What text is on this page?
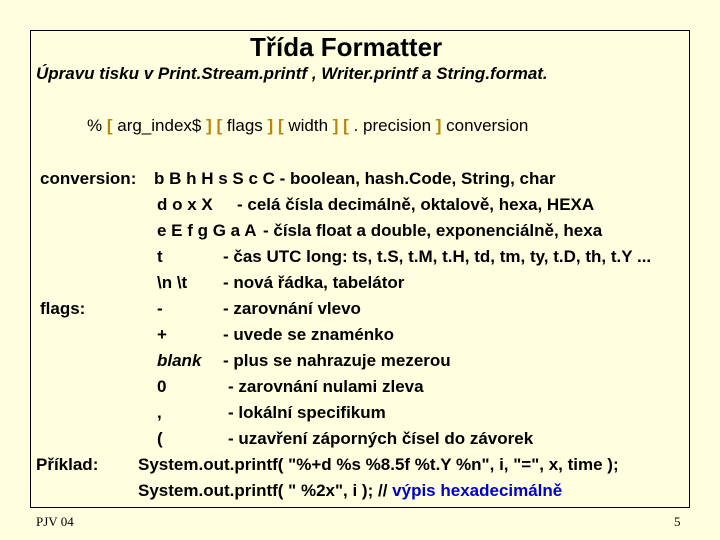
Třída Formatter
Úpravu tisku v Print.Stream.printf , Writer.printf a String.format.
% [ arg_index$ ] [ flags ] [ width ] [ . precision ] conversion
conversion: b B h H s S c C - boolean, hash.Code, String, char
d o x X - celá čísla decimálně, oktalově, hexa, HEXA
e E f g G a A - čísla float a double, exponenciálně, hexa
t	- čas UTC long: ts, t.S, t.M, t.H, td, tm, ty, t.D, th, t.Y ...
\n \t - nová řádka, tabelátor
flags:	-	- zarovnání vlevo
+	- uvede se znaménko
blank - plus se nahrazuje mezerou
0	- zarovnání nulami zleva
,	- lokální specifikum
(	- uzavření záporných čísel do závorek
Příklad: System.out.printf( "%+d %s %8.5f %t.Y %n", i, "=", x, time );
System.out.printf( " %2x", i ); // výpis hexadecimálně
PJV 04	5
